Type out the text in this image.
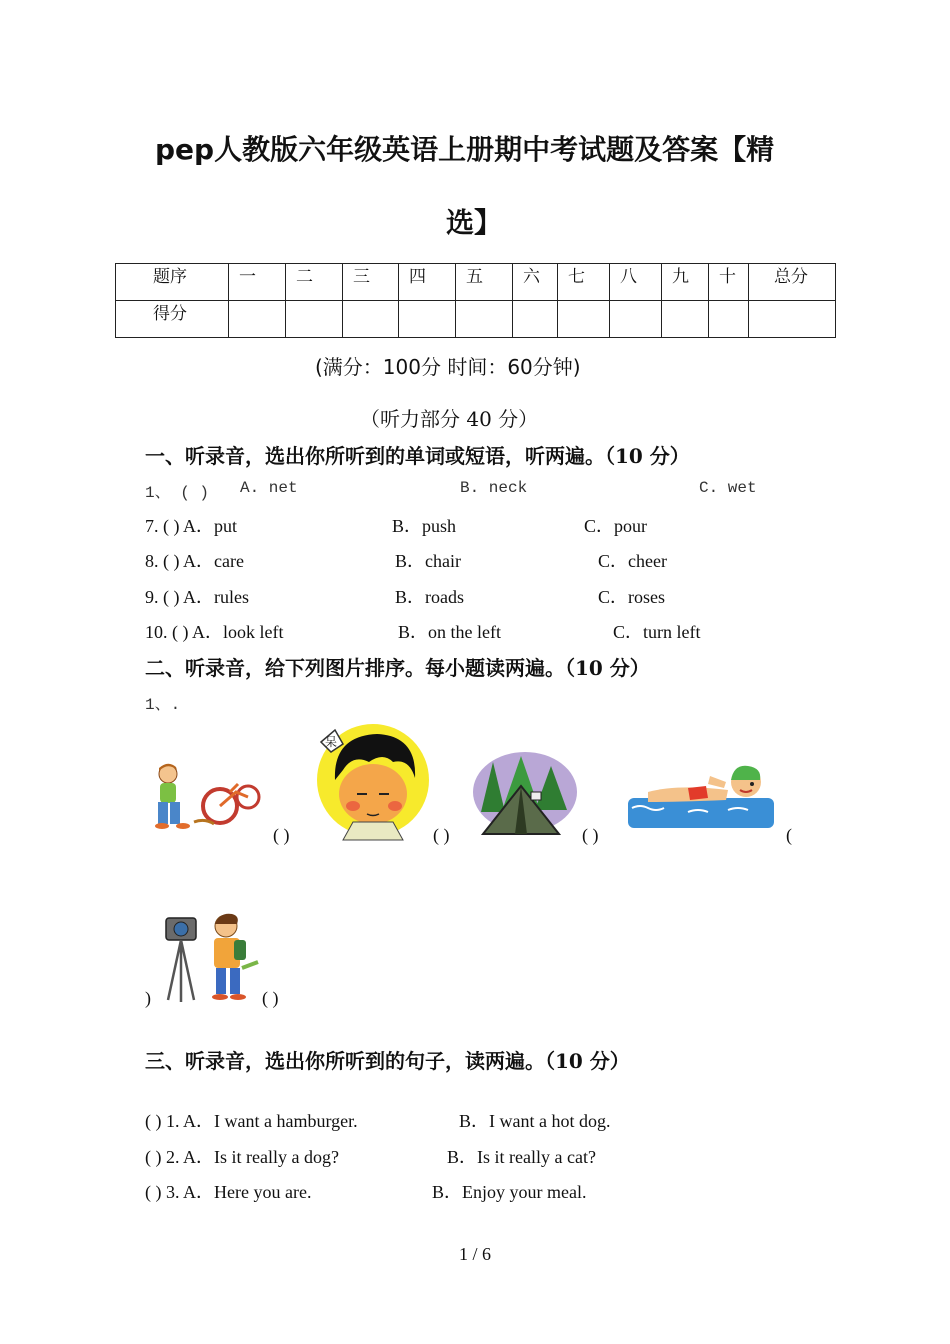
pep人教版六年级英语上册期中考试题及答案【精
选】
题序	一	二	三	四	五	六	七	八	九	十	总分
得分											
(满分：100分 时间：60分钟)
（听力部分 40 分）
一、听录音，选出你所听到的单词或短语，听两遍。（10 分）
1、 ( ) A. net	B. neck	C. wet
7. ( ) A．put	B．push	C．pour
8. ( ) A．care	B．chair	C．cheer
9. ( ) A．rules	B．roads	C．roses
10. ( ) A．look left	B．on the left	C．turn left
二、听录音，给下列图片排序。每小题读两遍。（10 分）
1、.
( )
呆
( )	( )	(
)	( )
三、听录音，选出你所听到的句子，读两遍。（10 分）
( ) 1. A．I want a hamburger.	B．I want a hot dog.
( ) 2. A．Is it really a dog?	B．Is it really a cat?
( ) 3. A．Here you are.	B．Enjoy your meal.
1 / 6
